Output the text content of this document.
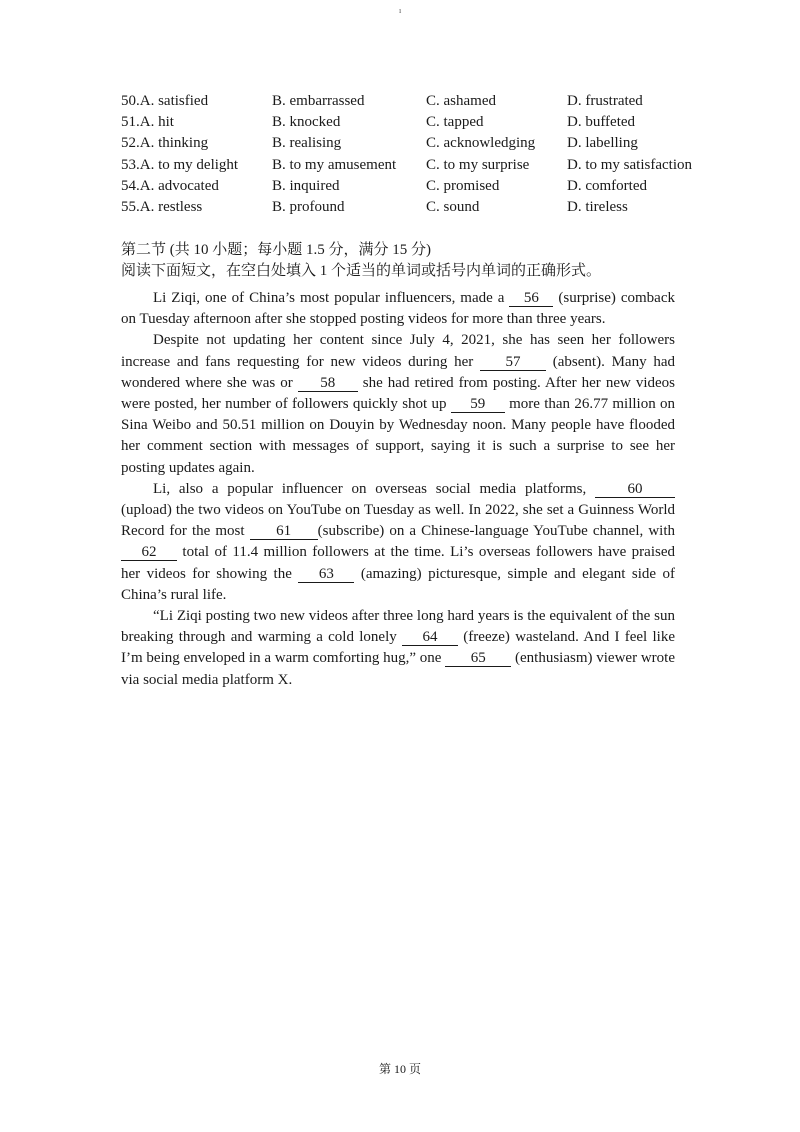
ı
50.A. satisfied	B. embarrassed	C. ashamed	D. frustrated
51.A. hit	B. knocked	C. tapped	D. buffeted
52.A. thinking	B. realising	C. acknowledging D. labelling
53.A. to my delight B. to my amusement C. to my surprise	D. to my satisfaction
54.A. advocated	B. inquired	C. promised	D. comforted
55.A. restless	B. profound	C. sound	D. tireless
第二节 (共 10 小题；每小题 1.5 分，满分 15 分)
阅读下面短文，在空白处填入 1 个适当的单词或括号内单词的正确形式。

Li Ziqi, one of China’s most popular influencers, made a 56 (surprise) comback on Tuesday afternoon after she stopped posting videos for more than three years.

Despite not updating her content since July 4, 2021, she has seen her followers increase and fans requesting for new videos during her 57 (absent). Many had wondered where she was or 58 she had retired from posting. After her new videos were posted, her number of followers quickly shot up 59 more than 26.77 million on Sina Weibo and 50.51 million on Douyin by Wednesday noon. Many people have flooded her comment section with messages of support, saying it is such a surprise to see her posting updates again.

Li, also a popular influencer on overseas social media platforms, 60 (upload) the two videos on YouTube on Tuesday as well. In 2022, she set a Guinness World Record for the most 61 (subscribe) on a Chinese-language YouTube channel, with 62 total of 11.4 million followers at the time. Li’s overseas followers have praised her videos for showing the 63 (amazing) picturesque, simple and elegant side of China’s rural life.

“Li Ziqi posting two new videos after three long hard years is the equivalent of the sun breaking through and warming a cold lonely 64 (freeze) wasteland. And I feel like I’m being enveloped in a warm comforting hug,” one 65 (enthusiasm) viewer wrote via social media platform X.

第 10 页
